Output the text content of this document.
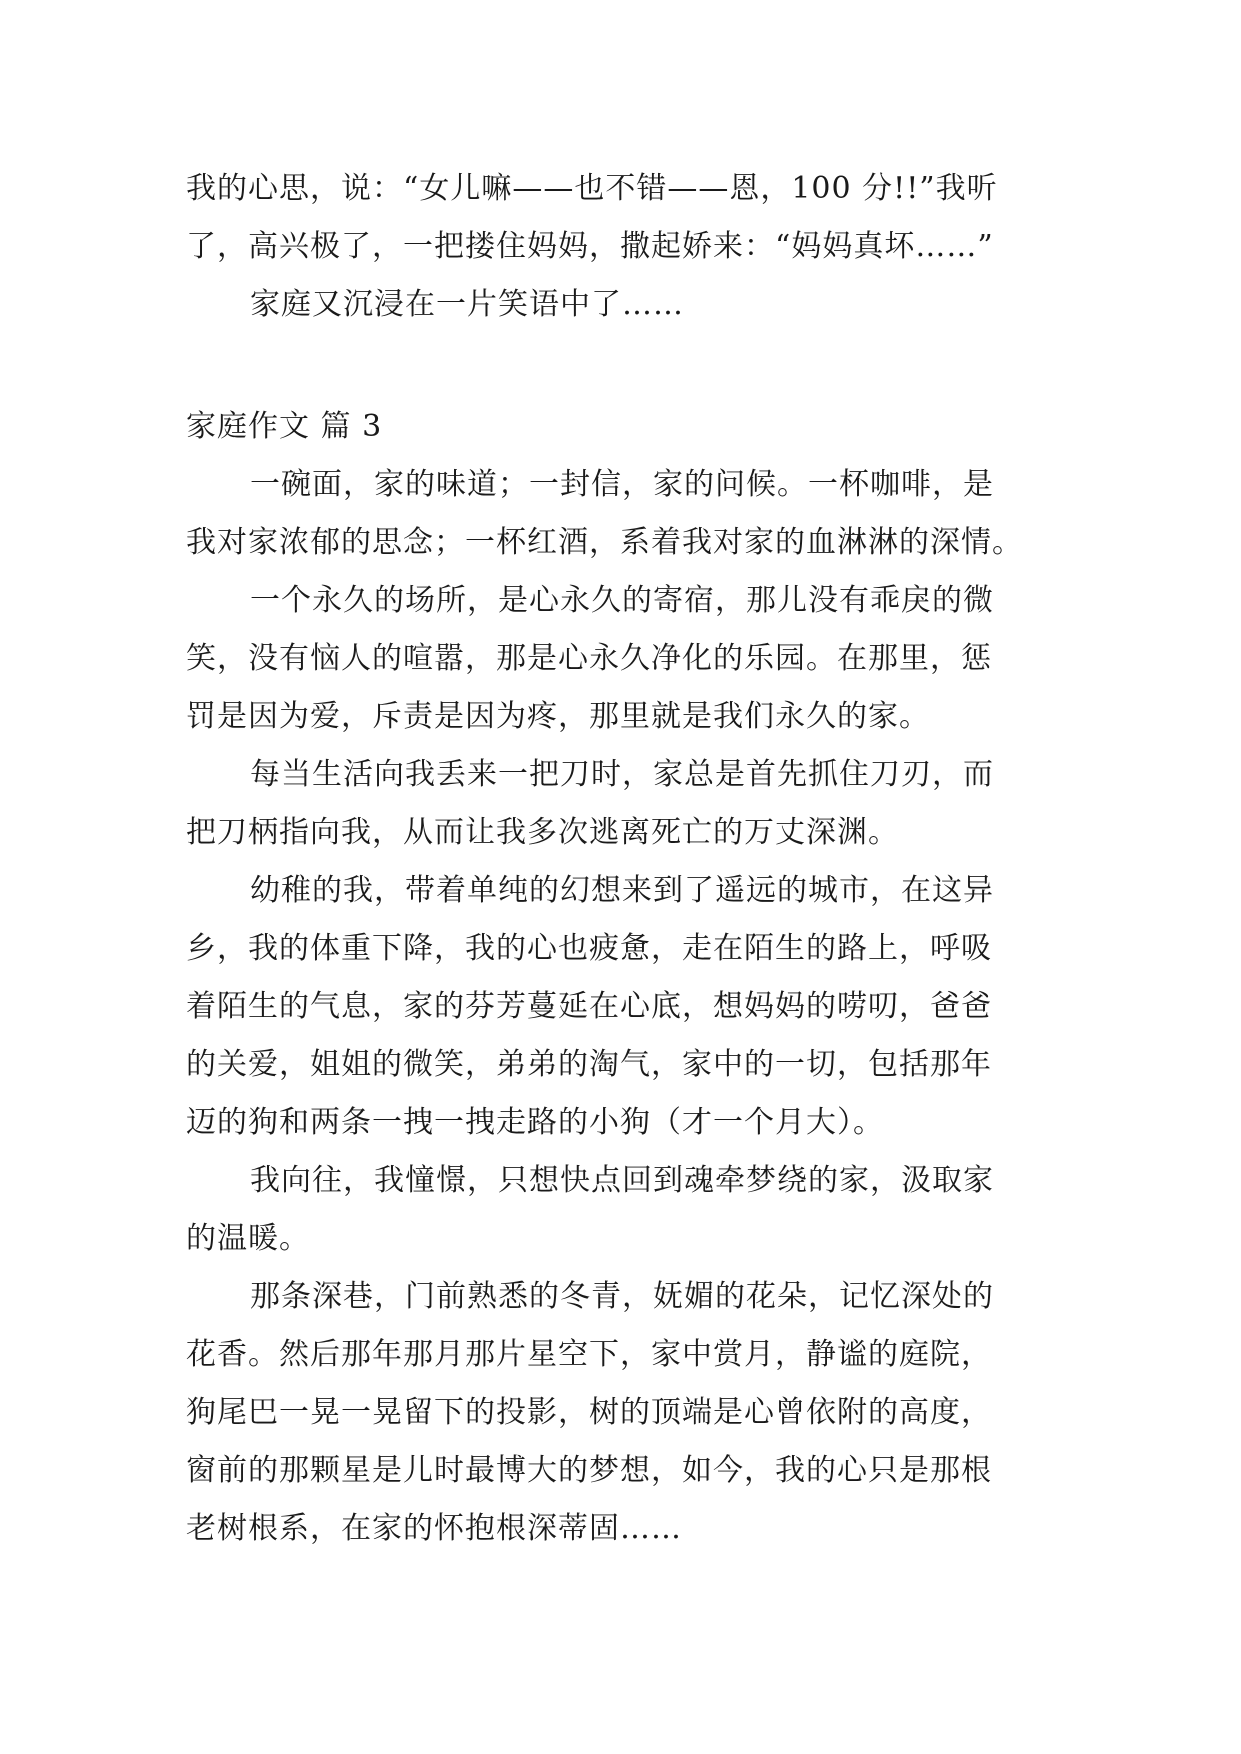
我的心思，说：“女儿嘛——也不错——恩，100 分!!”我听
了，高兴极了，一把搂住妈妈，撒起娇来：“妈妈真坏……”
家庭又沉浸在一片笑语中了……
家庭作文 篇 3
一碗面，家的味道；一封信，家的问候。一杯咖啡，是
我对家浓郁的思念；一杯红酒，系着我对家的血淋淋的深情。
一个永久的场所，是心永久的寄宿，那儿没有乖戾的微
笑，没有恼人的喧嚣，那是心永久净化的乐园。在那里，惩
罚是因为爱，斥责是因为疼，那里就是我们永久的家。
每当生活向我丢来一把刀时，家总是首先抓住刀刃，而
把刀柄指向我，从而让我多次逃离死亡的万丈深渊。
幼稚的我，带着单纯的幻想来到了遥远的城市，在这异
乡，我的体重下降，我的心也疲惫，走在陌生的路上，呼吸
着陌生的气息，家的芬芳蔓延在心底，想妈妈的唠叨，爸爸
的关爱，姐姐的微笑，弟弟的淘气，家中的一切，包括那年
迈的狗和两条一拽一拽走路的小狗（才一个月大）。
我向往，我憧憬，只想快点回到魂牵梦绕的家，汲取家
的温暖。
那条深巷，门前熟悉的冬青，妩媚的花朵，记忆深处的
花香。然后那年那月那片星空下，家中赏月，静谧的庭院，
狗尾巴一晃一晃留下的投影，树的顶端是心曾依附的高度，
窗前的那颗星是儿时最博大的梦想，如今，我的心只是那根
老树根系，在家的怀抱根深蒂固……
